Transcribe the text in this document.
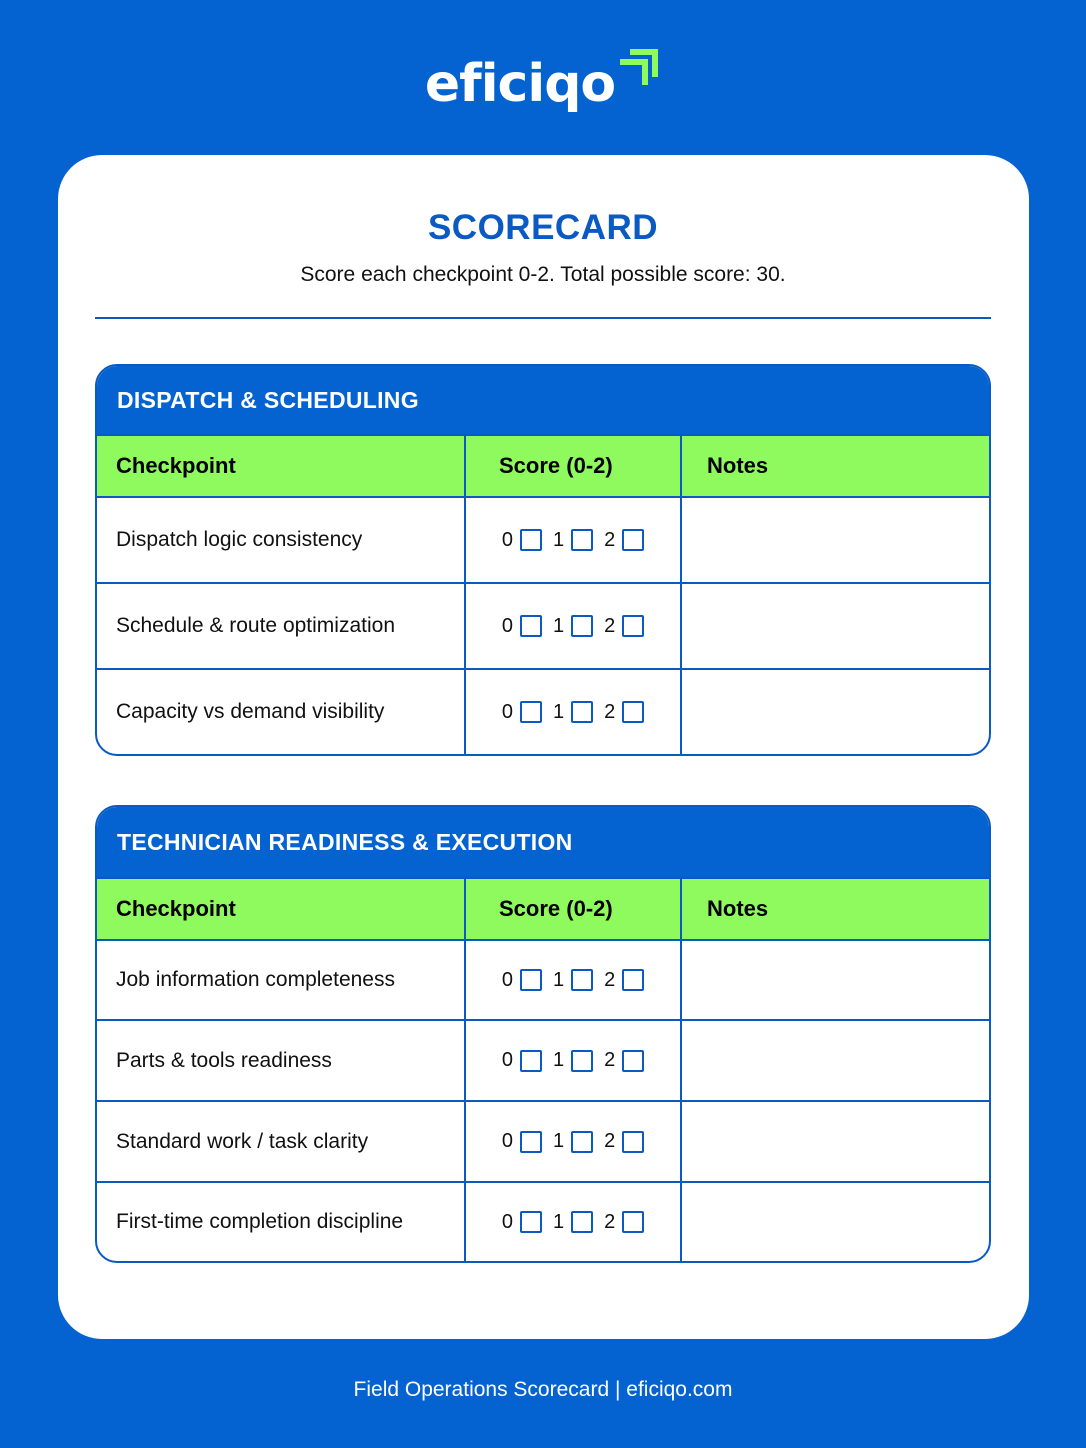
eficiqo
SCORECARD
Score each checkpoint 0-2. Total possible score: 30.
DISPATCH & SCHEDULING
Checkpoint	Score (0-2)	Notes
Dispatch logic consistency	0 1 2
Schedule & route optimization	0 1 2
Capacity vs demand visibility	0 1 2
TECHNICIAN READINESS & EXECUTION
Checkpoint	Score (0-2)	Notes
Job information completeness	0 1 2
Parts & tools readiness	0 1 2
Standard work / task clarity	0 1 2
First-time completion discipline	0 1 2
Field Operations Scorecard | eficiqo.com
